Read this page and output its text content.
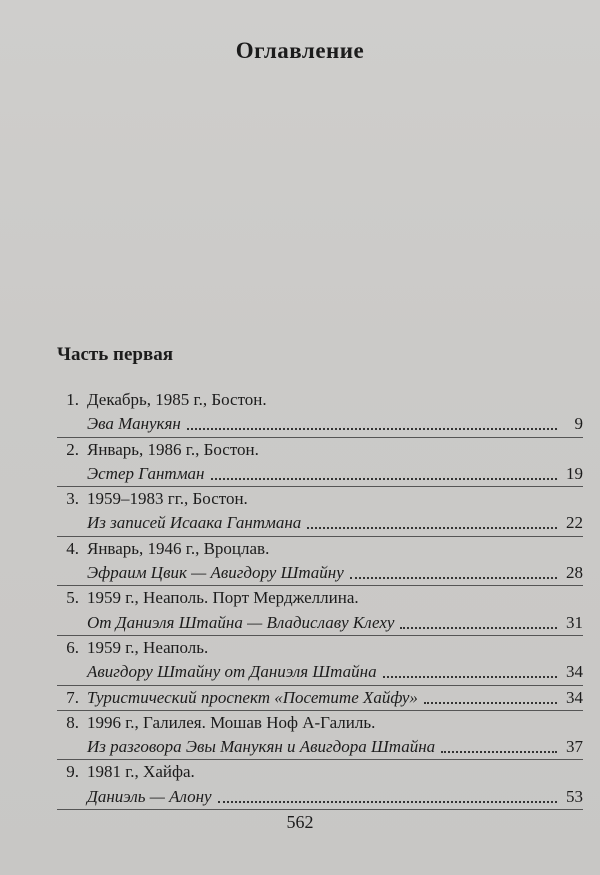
Оглавление
Часть первая
1. Декабрь, 1985 г., Бостон.
Эва Манукян	9
2. Январь, 1986 г., Бостон.
Эстер Гантман	19
3. 1959–1983 гг., Бостон.
Из записей Исаака Гантмана	22
4. Январь, 1946 г., Вроцлав.
Эфраим Цвик — Авигдору Штайну	28
5. 1959 г., Неаполь. Порт Мерджеллина.
От Даниэля Штайна — Владиславу Клеху	31
6. 1959 г., Неаполь.
Авигдору Штайну от Даниэля Штайна	34
7. Туристический проспект «Посетите Хайфу»	34
8. 1996 г., Галилея. Мошав Ноф А-Галиль.
Из разговора Эвы Манукян и Авигдора Штайна	37
9. 1981 г., Хайфа.
Даниэль — Алону	53
562
